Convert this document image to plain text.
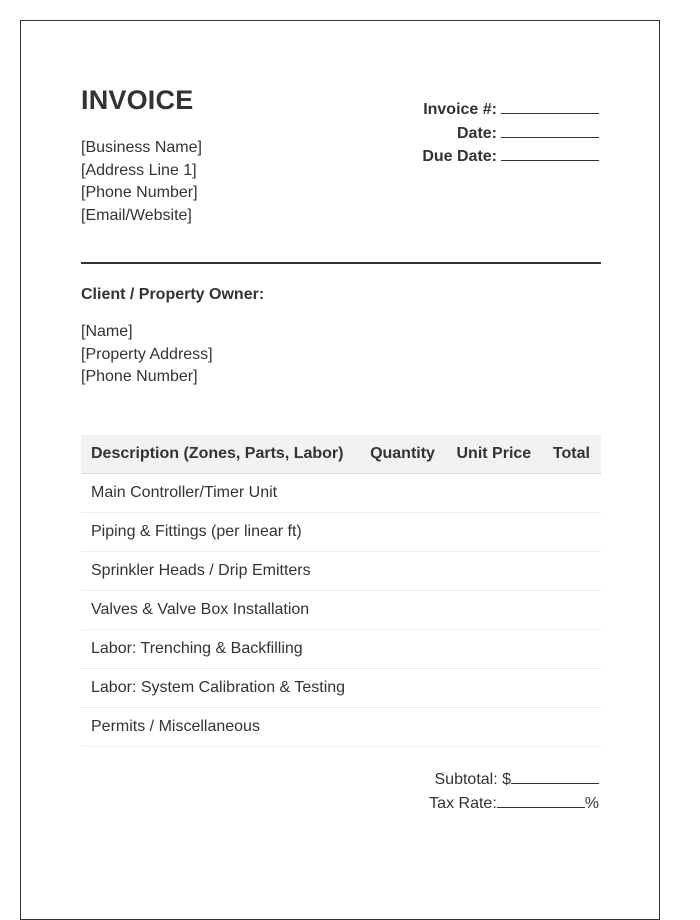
INVOICE
[Business Name]
[Address Line 1]
[Phone Number]
[Email/Website]
Invoice #:
Date:
Due Date:
Client / Property Owner:
[Name]
[Property Address]
[Phone Number]
Description (Zones, Parts, Labor)	Quantity	Unit Price	Total
Main Controller/Timer Unit			
Piping & Fittings (per linear ft)			
Sprinkler Heads / Drip Emitters			
Valves & Valve Box Installation			
Labor: Trenching & Backfilling			
Labor: System Calibration & Testing			
Permits / Miscellaneous			
Subtotal: $
Tax Rate:	%
